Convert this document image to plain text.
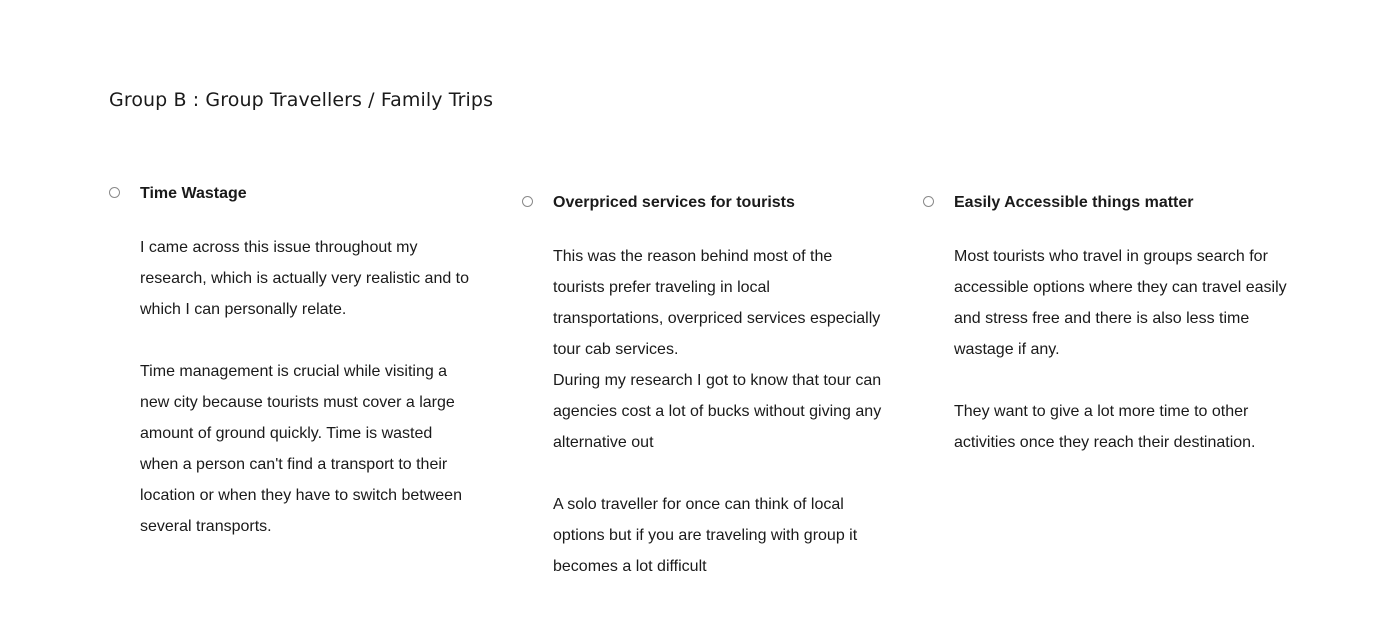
Group B : Group Travellers / Family Trips
Time Wastage

I came across this issue throughout my
research, which is actually very realistic and to
which I can personally relate.

Time management is crucial while visiting a
new city because tourists must cover a large
amount of ground quickly. Time is wasted
when a person can't find a transport to their
location or when they have to switch between
several transports.

Overpriced services for tourists

This was the reason behind most of the
tourists prefer traveling in local
transportations, overpriced services especially
tour cab services.

During my research I got to know that tour can
agencies cost a lot of bucks without giving any
alternative out

A solo traveller for once can think of local
options but if you are traveling with group it
becomes a lot difficult

Easily Accessible things matter

Most tourists who travel in groups search for
accessible options where they can travel easily
and stress free and there is also less time
wastage if any.

They want to give a lot more time to other
activities once they reach their destination.
